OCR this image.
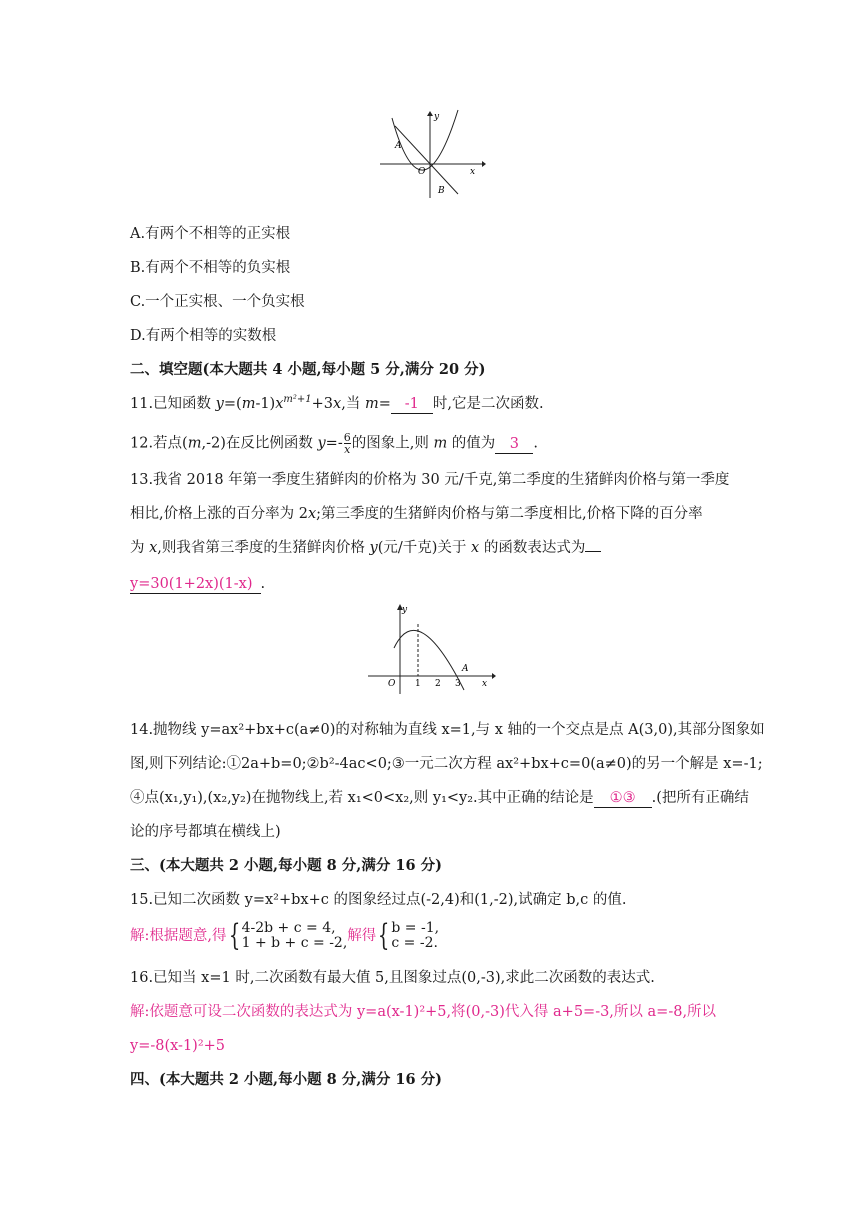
y
x
A
O
B
A.有两个不相等的正实根
B.有两个不相等的负实根
C.一个正实根、一个负实根
D.有两个相等的实数根
二、填空题(本大题共 4 小题,每小题 5 分,满分 20 分)
11.已知函数 $y=(m-1)x^{m^2+1}+3x$,当 m= -1 时,它是二次函数.
12.若点(m,-2)在反比例函数 $y=- \frac{6}{x}$ 的图象上,则 m 的值为 3 .
13.我省 2018 年第一季度生猪鲜肉的价格为 30 元/千克,第二季度的生猪鲜肉价格与第一季度
相比,价格上涨的百分率为 2x;第三季度的生猪鲜肉价格与第二季度相比,价格下降的百分率
为 x,则我省第三季度的生猪鲜肉价格 y(元/千克)关于 x 的函数表达式为
y=30(1+2x)(1-x) .
y
x
O 1 2 3
A
14.抛物线 y=ax²+bx+c(a≠0)的对称轴为直线 x=1,与 x 轴的一个交点是点 A(3,0),其部分图象如
图,则下列结论:①2a+b=0;②b²-4ac<0;③一元二次方程 ax²+bx+c=0(a≠0)的另一个解是 x=-1;
④点(x₁,y₁),(x₂,y₂)在抛物线上,若 x₁<0<x₂,则 y₁<y₂.其中正确的结论是 ①③ .(把所有正确结
论的序号都填在横线上)
三、(本大题共 2 小题,每小题 8 分,满分 16 分)
15.已知二次函数 y=x²+bx+c 的图象经过点(-2,4)和(1,-2),试确定 b,c 的值.
解:根据题意,得{ 4-2b + c = 4,
1 + b + c = -2,解得{ b = -1,
c = -2.
16.已知当 x=1 时,二次函数有最大值 5,且图象过点(0,-3),求此二次函数的表达式.
解:依题意可设二次函数的表达式为 y=a(x-1)²+5,将(0,-3)代入得 a+5=-3,所以 a=-8,所以
y=-8(x-1)²+5
四、(本大题共 2 小题,每小题 8 分,满分 16 分)
